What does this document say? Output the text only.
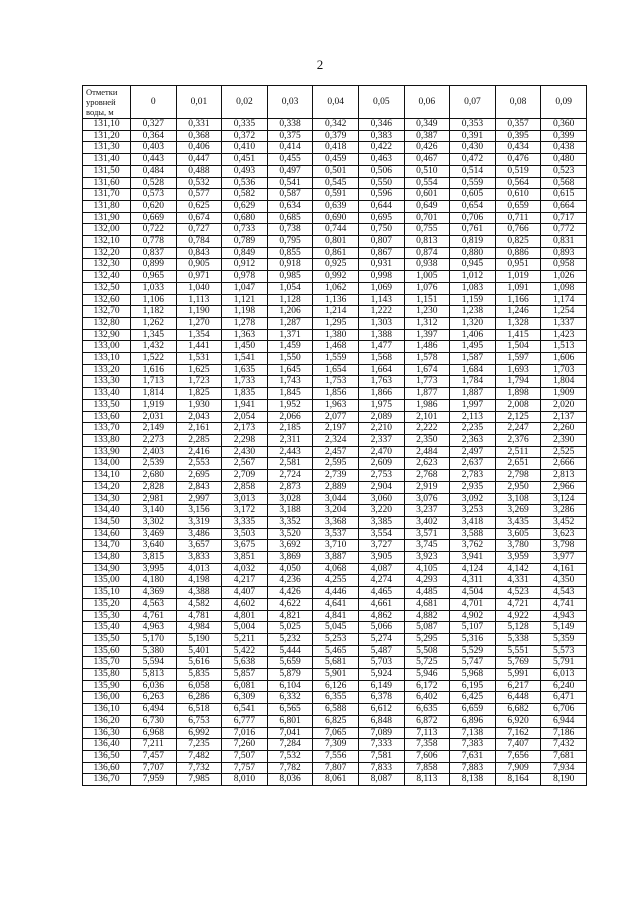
2
Отметки уровней воды, м	0	0,01	0,02	0,03	0,04	0,05	0,06	0,07	0,08	0,09
131,10	0,327	0,331	0,335	0,338	0,342	0,346	0,349	0,353	0,357	0,360
131,20	0,364	0,368	0,372	0,375	0,379	0,383	0,387	0,391	0,395	0,399
131,30	0,403	0,406	0,410	0,414	0,418	0,422	0,426	0,430	0,434	0,438
131,40	0,443	0,447	0,451	0,455	0,459	0,463	0,467	0,472	0,476	0,480
131,50	0,484	0,488	0,493	0,497	0,501	0,506	0,510	0,514	0,519	0,523
131,60	0,528	0,532	0,536	0,541	0,545	0,550	0,554	0,559	0,564	0,568
131,70	0,573	0,577	0,582	0,587	0,591	0,596	0,601	0,605	0,610	0,615
131,80	0,620	0,625	0,629	0,634	0,639	0,644	0,649	0,654	0,659	0,664
131,90	0,669	0,674	0,680	0,685	0,690	0,695	0,701	0,706	0,711	0,717
132,00	0,722	0,727	0,733	0,738	0,744	0,750	0,755	0,761	0,766	0,772
132,10	0,778	0,784	0,789	0,795	0,801	0,807	0,813	0,819	0,825	0,831
132,20	0,837	0,843	0,849	0,855	0,861	0,867	0,874	0,880	0,886	0,893
132,30	0,899	0,905	0,912	0,918	0,925	0,931	0,938	0,945	0,951	0,958
132,40	0,965	0,971	0,978	0,985	0,992	0,998	1,005	1,012	1,019	1,026
132,50	1,033	1,040	1,047	1,054	1,062	1,069	1,076	1,083	1,091	1,098
132,60	1,106	1,113	1,121	1,128	1,136	1,143	1,151	1,159	1,166	1,174
132,70	1,182	1,190	1,198	1,206	1,214	1,222	1,230	1,238	1,246	1,254
132,80	1,262	1,270	1,278	1,287	1,295	1,303	1,312	1,320	1,328	1,337
132,90	1,345	1,354	1,363	1,371	1,380	1,388	1,397	1,406	1,415	1,423
133,00	1,432	1,441	1,450	1,459	1,468	1,477	1,486	1,495	1,504	1,513
133,10	1,522	1,531	1,541	1,550	1,559	1,568	1,578	1,587	1,597	1,606
133,20	1,616	1,625	1,635	1,645	1,654	1,664	1,674	1,684	1,693	1,703
133,30	1,713	1,723	1,733	1,743	1,753	1,763	1,773	1,784	1,794	1,804
133,40	1,814	1,825	1,835	1,845	1,856	1,866	1,877	1,887	1,898	1,909
133,50	1,919	1,930	1,941	1,952	1,963	1,975	1,986	1,997	2,008	2,020
133,60	2,031	2,043	2,054	2,066	2,077	2,089	2,101	2,113	2,125	2,137
133,70	2,149	2,161	2,173	2,185	2,197	2,210	2,222	2,235	2,247	2,260
133,80	2,273	2,285	2,298	2,311	2,324	2,337	2,350	2,363	2,376	2,390
133,90	2,403	2,416	2,430	2,443	2,457	2,470	2,484	2,497	2,511	2,525
134,00	2,539	2,553	2,567	2,581	2,595	2,609	2,623	2,637	2,651	2,666
134,10	2,680	2,695	2,709	2,724	2,739	2,753	2,768	2,783	2,798	2,813
134,20	2,828	2,843	2,858	2,873	2,889	2,904	2,919	2,935	2,950	2,966
134,30	2,981	2,997	3,013	3,028	3,044	3,060	3,076	3,092	3,108	3,124
134,40	3,140	3,156	3,172	3,188	3,204	3,220	3,237	3,253	3,269	3,286
134,50	3,302	3,319	3,335	3,352	3,368	3,385	3,402	3,418	3,435	3,452
134,60	3,469	3,486	3,503	3,520	3,537	3,554	3,571	3,588	3,605	3,623
134,70	3,640	3,657	3,675	3,692	3,710	3,727	3,745	3,762	3,780	3,798
134,80	3,815	3,833	3,851	3,869	3,887	3,905	3,923	3,941	3,959	3,977
134,90	3,995	4,013	4,032	4,050	4,068	4,087	4,105	4,124	4,142	4,161
135,00	4,180	4,198	4,217	4,236	4,255	4,274	4,293	4,311	4,331	4,350
135,10	4,369	4,388	4,407	4,426	4,446	4,465	4,485	4,504	4,523	4,543
135,20	4,563	4,582	4,602	4,622	4,641	4,661	4,681	4,701	4,721	4,741
135,30	4,761	4,781	4,801	4,821	4,841	4,862	4,882	4,902	4,922	4,943
135,40	4,963	4,984	5,004	5,025	5,045	5,066	5,087	5,107	5,128	5,149
135,50	5,170	5,190	5,211	5,232	5,253	5,274	5,295	5,316	5,338	5,359
135,60	5,380	5,401	5,422	5,444	5,465	5,487	5,508	5,529	5,551	5,573
135,70	5,594	5,616	5,638	5,659	5,681	5,703	5,725	5,747	5,769	5,791
135,80	5,813	5,835	5,857	5,879	5,901	5,924	5,946	5,968	5,991	6,013
135,90	6,036	6,058	6,081	6,104	6,126	6,149	6,172	6,195	6,217	6,240
136,00	6,263	6,286	6,309	6,332	6,355	6,378	6,402	6,425	6,448	6,471
136,10	6,494	6,518	6,541	6,565	6,588	6,612	6,635	6,659	6,682	6,706
136,20	6,730	6,753	6,777	6,801	6,825	6,848	6,872	6,896	6,920	6,944
136,30	6,968	6,992	7,016	7,041	7,065	7,089	7,113	7,138	7,162	7,186
136,40	7,211	7,235	7,260	7,284	7,309	7,333	7,358	7,383	7,407	7,432
136,50	7,457	7,482	7,507	7,532	7,556	7,581	7,606	7,631	7,656	7,681
136,60	7,707	7,732	7,757	7,782	7,807	7,833	7,858	7,883	7,909	7,934
136,70	7,959	7,985	8,010	8,036	8,061	8,087	8,113	8,138	8,164	8,190
